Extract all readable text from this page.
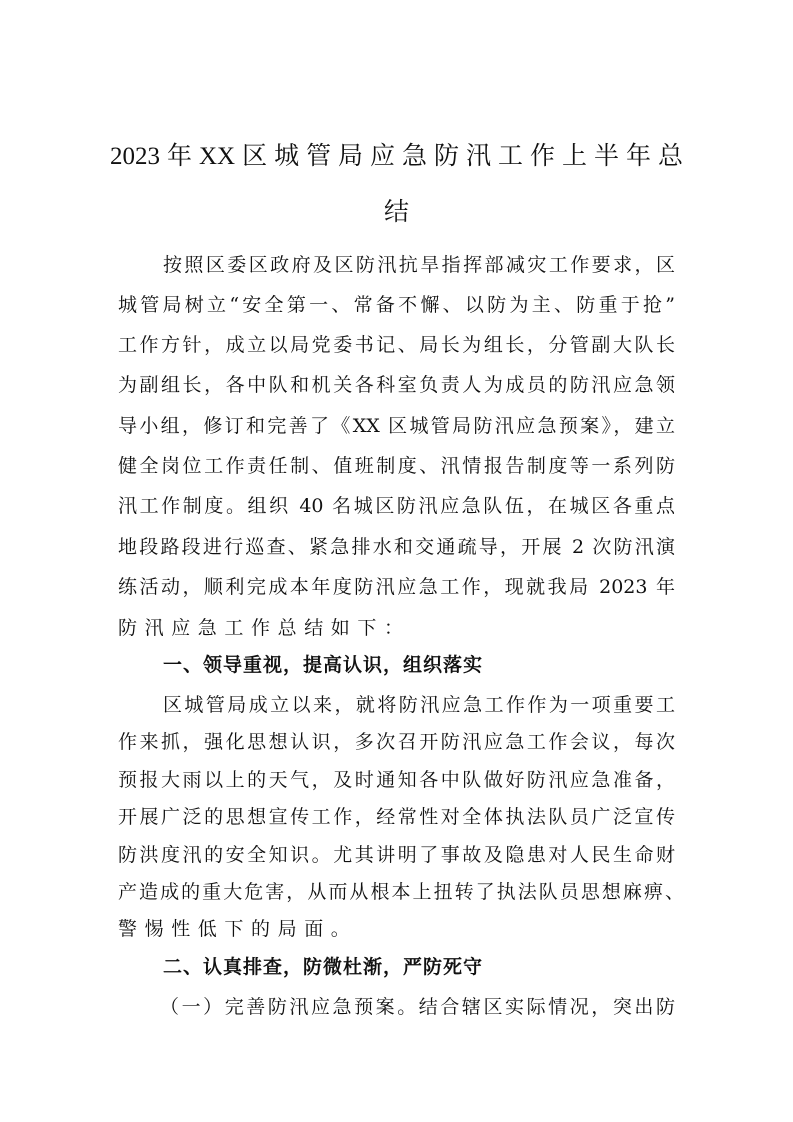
2023年XX区城管局应急防汛工作上半年总
结
按照区委区政府及区防汛抗旱指挥部减灾工作要求，区
城管局树立“安全第一、常备不懈、以防为主、防重于抢”
工作方针，成立以局党委书记、局长为组长，分管副大队长
为副组长，各中队和机关各科室负责人为成员的防汛应急领
导小组，修订和完善了《XX 区城管局防汛应急预案》，建立
健全岗位工作责任制、值班制度、汛情报告制度等一系列防
汛工作制度。组织 40 名城区防汛应急队伍，在城区各重点
地段路段进行巡查、紧急排水和交通疏导，开展 2 次防汛演
练活动，顺利完成本年度防汛应急工作，现就我局 2023 年
防汛应急工作总结如下：
一、领导重视，提高认识，组织落实
区城管局成立以来，就将防汛应急工作作为一项重要工
作来抓，强化思想认识，多次召开防汛应急工作会议，每次
预报大雨以上的天气，及时通知各中队做好防汛应急准备，
开展广泛的思想宣传工作，经常性对全体执法队员广泛宣传
防洪度汛的安全知识。尤其讲明了事故及隐患对人民生命财
产造成的重大危害，从而从根本上扭转了执法队员思想麻痹、
警惕性低下的局面。
二、认真排查，防微杜渐，严防死守
（一）完善防汛应急预案。结合辖区实际情况，突出防
